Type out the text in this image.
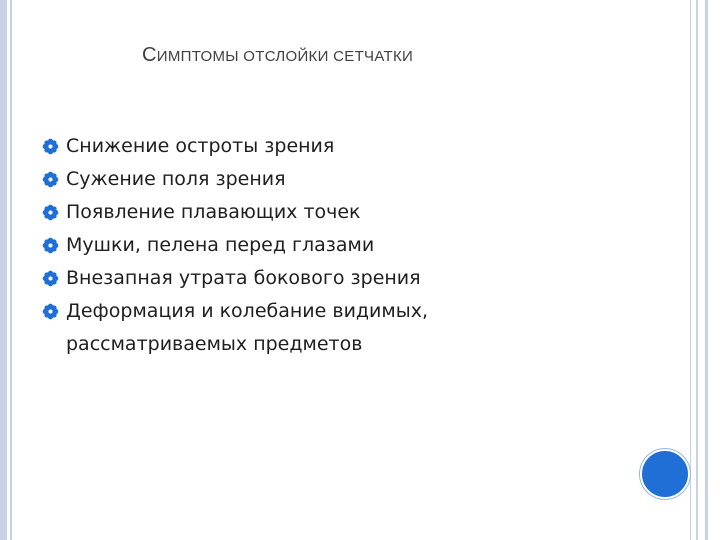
СИМПТОМЫ ОТСЛОЙКИ СЕТЧАТКИ
Снижение остроты зрения
Сужение поля зрения
Появление плавающих точек
Мушки, пелена перед глазами
Внезапная утрата бокового зрения
Деформация и колебание видимых,
рассматриваемых предметов
